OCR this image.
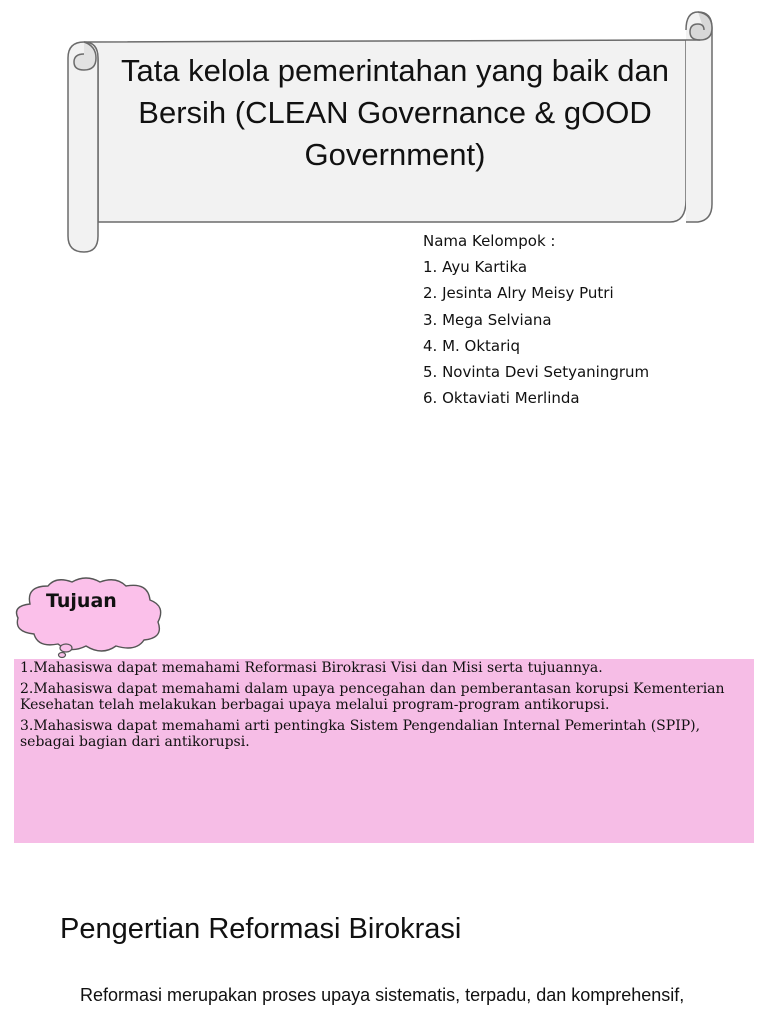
Tata kelola pemerintahan yang baik dan Bersih (CLEAN Governance & gOOD Government)
Nama Kelompok :
1. Ayu Kartika
2. Jesinta Alry Meisy Putri
3. Mega Selviana
4. M. Oktariq
5. Novinta Devi Setyaningrum
6. Oktaviati Merlinda
Tujuan
1.Mahasiswa dapat memahami Reformasi Birokrasi Visi dan Misi serta tujuannya.
2.Mahasiswa dapat memahami dalam upaya pencegahan dan pemberantasan korupsi Kementerian Kesehatan telah melakukan berbagai upaya melalui program-program antikorupsi.
3.Mahasiswa dapat memahami arti pentingka Sistem Pengendalian Internal Pemerintah (SPIP), sebagai bagian dari antikorupsi.
Pengertian Reformasi Birokrasi
Reformasi merupakan proses upaya sistematis, terpadu, dan komprehensif,
